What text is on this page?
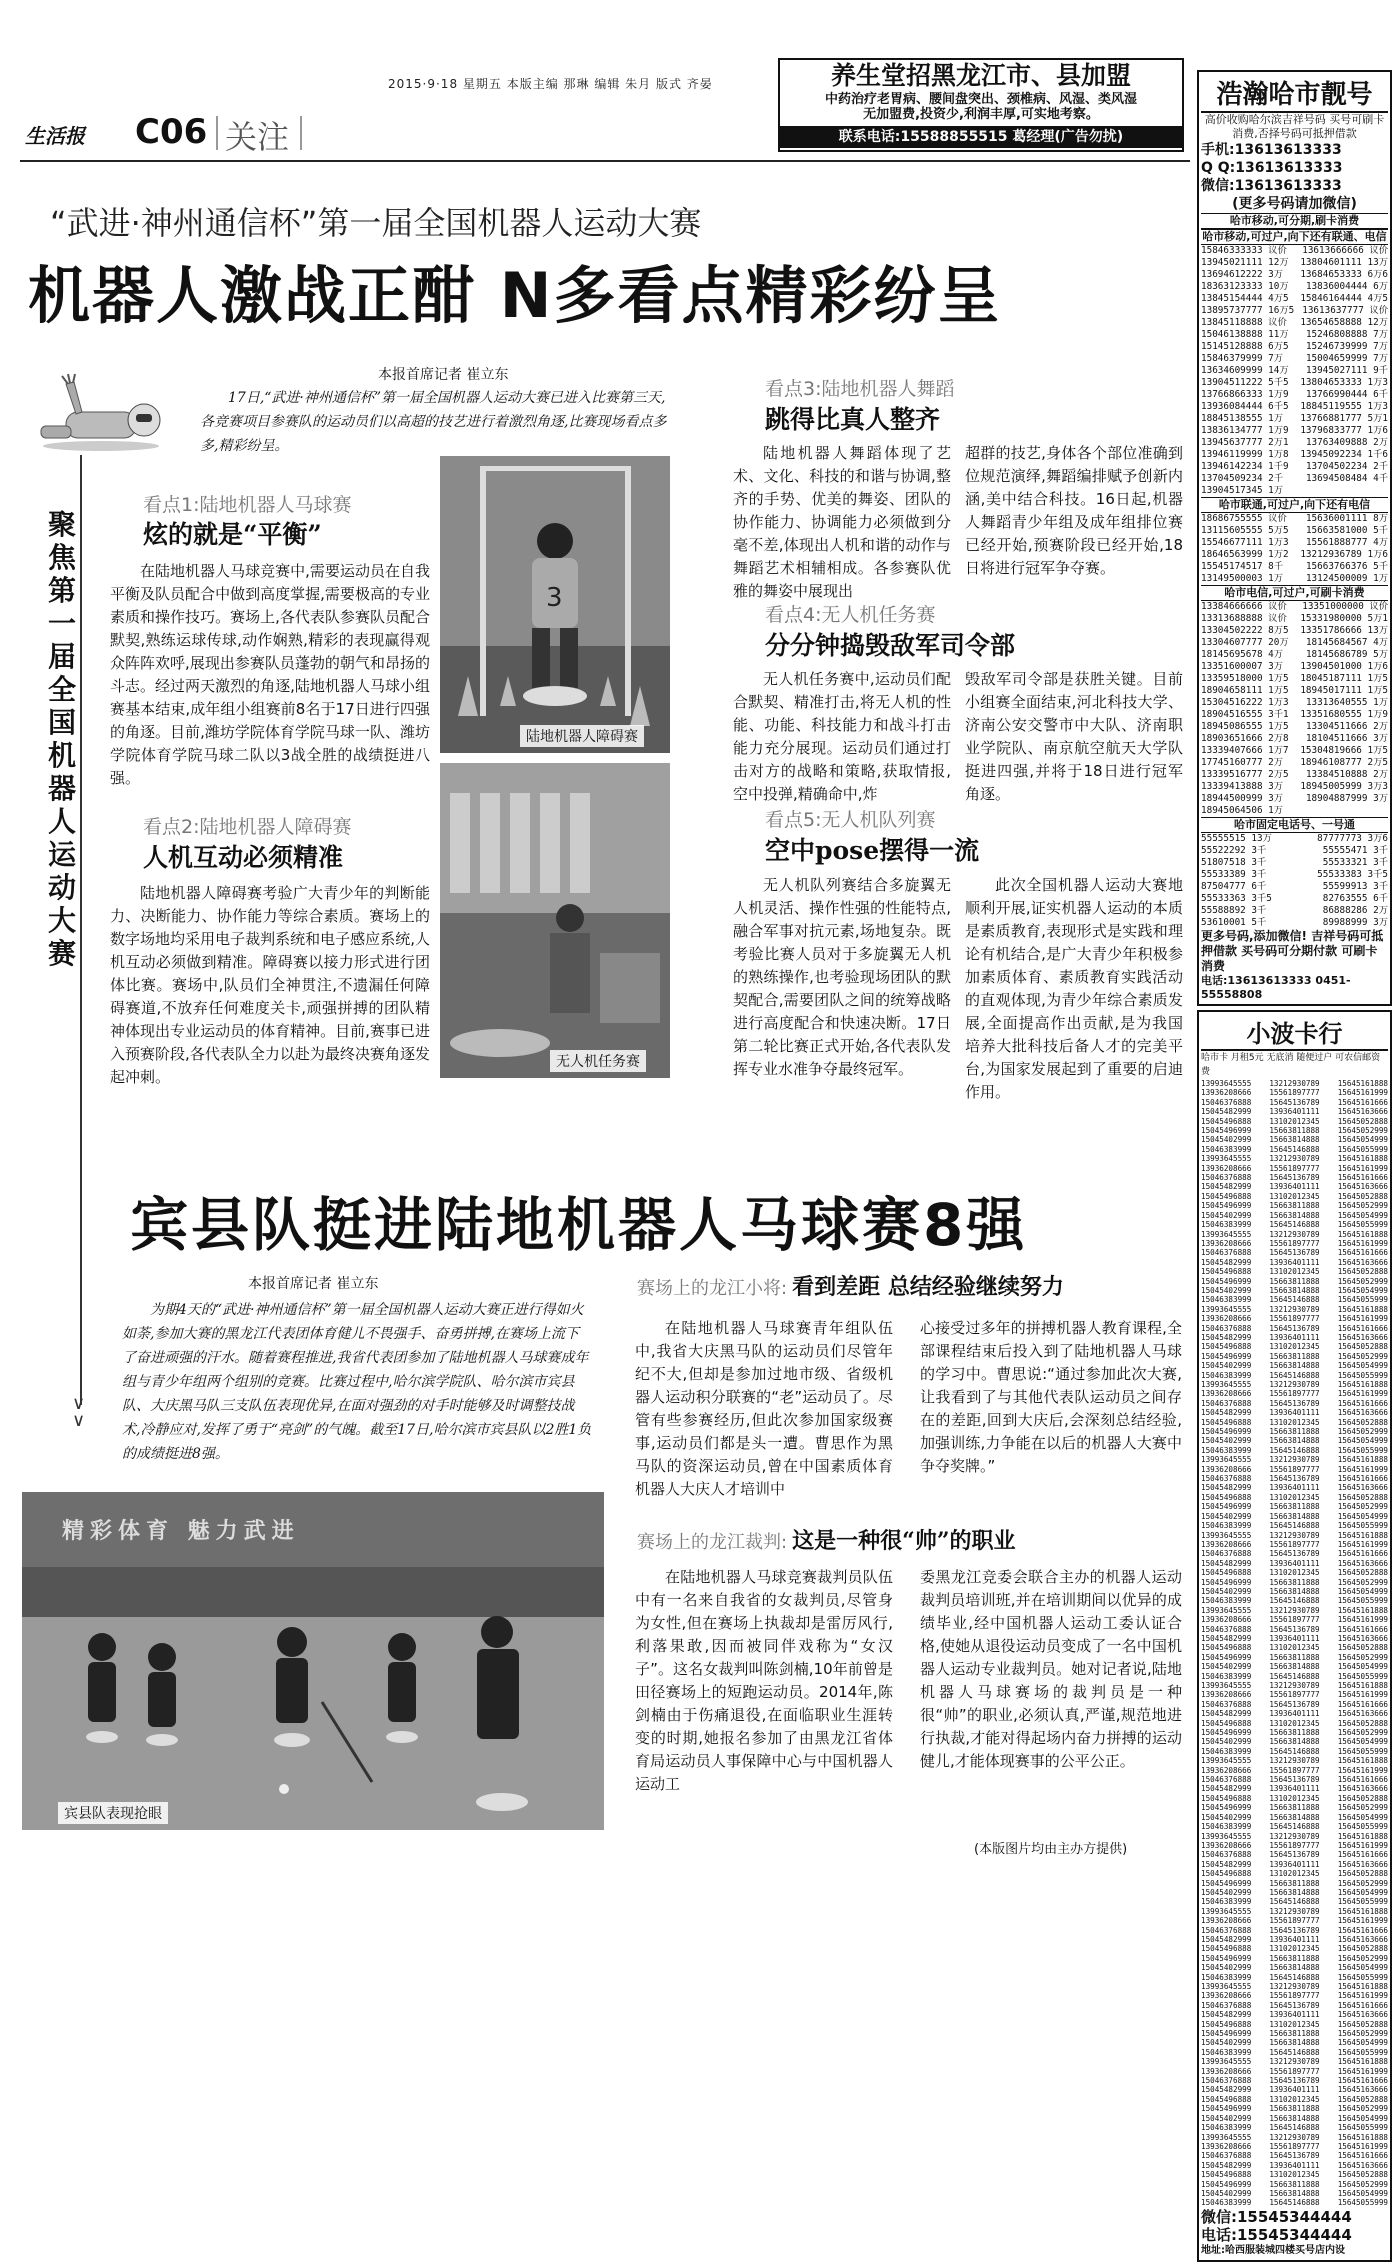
2015·9·18 星期五 本版主编 那琳 编辑 朱月 版式 齐晏
生活报 C06 关注
养生堂招黑龙江市、县加盟
中药治疗老胃病、腰间盘突出、颈椎病、风湿、类风湿
无加盟费,投资少,利润丰厚,可实地考察。
联系电话:15588855515 葛经理(广告勿扰)
“武进·神州通信杯”第一届全国机器人运动大赛
机器人激战正酣 N多看点精彩纷呈
聚焦第一届全国机器人运动大赛
∨
∨
本报首席记者 崔立东
17日,“武进·神州通信杯”第一届全国机器人运动大赛已进入比赛第三天,各竞赛项目参赛队的运动员们以高超的技艺进行着激烈角逐,比赛现场看点多多,精彩纷呈。
看点1:陆地机器人马球赛
炫的就是“平衡”
在陆地机器人马球竞赛中,需要运动员在自我平衡及队员配合中做到高度掌握,需要极高的专业素质和操作技巧。赛场上,各代表队参赛队员配合默契,熟练运球传球,动作娴熟,精彩的表现赢得观众阵阵欢呼,展现出参赛队员蓬勃的朝气和昂扬的斗志。经过两天激烈的角逐,陆地机器人马球小组赛基本结束,成年组小组赛前8名于17日进行四强的角逐。目前,潍坊学院体育学院马球一队、潍坊学院体育学院马球二队以3战全胜的战绩挺进八强。
看点2:陆地机器人障碍赛
人机互动必须精准
陆地机器人障碍赛考验广大青少年的判断能力、决断能力、协作能力等综合素质。赛场上的数字场地均采用电子裁判系统和电子感应系统,人机互动必须做到精准。障碍赛以接力形式进行团体比赛。赛场中,队员们全神贯注,不遗漏任何障碍赛道,不放弃任何难度关卡,顽强拼搏的团队精神体现出专业运动员的体育精神。目前,赛事已进入预赛阶段,各代表队全力以赴为最终决赛角逐发起冲刺。
3
陆地机器人障碍赛
无人机任务赛
看点3:陆地机器人舞蹈
跳得比真人整齐
陆地机器人舞蹈体现了艺术、文化、科技的和谐与协调,整齐的手势、优美的舞姿、团队的协作能力、协调能力必须做到分毫不差,体现出人机和谐的动作与舞蹈艺术相辅相成。各参赛队优雅的舞姿中展现出
超群的技艺,身体各个部位准确到位规范演绎,舞蹈编排赋予创新内涵,美中结合科技。16日起,机器人舞蹈青少年组及成年组排位赛已经开始,预赛阶段已经开始,18日将进行冠军争夺赛。
看点4:无人机任务赛
分分钟捣毁敌军司令部
无人机任务赛中,运动员们配合默契、精准打击,将无人机的性能、功能、科技能力和战斗打击能力充分展现。运动员们通过打击对方的战略和策略,获取情报,空中投弹,精确命中,炸
毁敌军司令部是获胜关键。目前小组赛全面结束,河北科技大学、济南公安交警市中大队、济南职业学院队、南京航空航天大学队挺进四强,并将于18日进行冠军角逐。
看点5:无人机队列赛
空中pose摆得一流
无人机队列赛结合多旋翼无人机灵活、操作性强的性能特点,融合军事对抗元素,场地复杂。既考验比赛人员对于多旋翼无人机的熟练操作,也考验现场团队的默契配合,需要团队之间的统筹战略进行高度配合和快速决断。17日第二轮比赛正式开始,各代表队发挥专业水准争夺最终冠军。
此次全国机器人运动大赛地顺利开展,证实机器人运动的本质是素质教育,表现形式是实践和理论有机结合,是广大青少年积极参加素质体育、素质教育实践活动的直观体现,为青少年综合素质发展,全面提高作出贡献,是为我国培养大批科技后备人才的完美平台,为国家发展起到了重要的启迪作用。
宾县队挺进陆地机器人马球赛8强
本报首席记者 崔立东
为期4天的“武进·神州通信杯”第一届全国机器人运动大赛正进行得如火如荼,参加大赛的黑龙江代表团体育健儿不畏强手、奋勇拼搏,在赛场上流下了奋进顽强的汗水。随着赛程推进,我省代表团参加了陆地机器人马球赛成年组与青少年组两个组别的竞赛。比赛过程中,哈尔滨学院队、哈尔滨市宾县队、大庆黑马队三支队伍表现优异,在面对强劲的对手时能够及时调整技战术,冷静应对,发挥了勇于“亮剑”的气魄。截至17日,哈尔滨市宾县队以2胜1负的成绩挺进8强。
精彩体育 魅力武进
宾县队表现抢眼
赛场上的龙江小将: 看到差距 总结经验继续努力
在陆地机器人马球赛青年组队伍中,我省大庆黑马队的运动员们尽管年纪不大,但却是参加过地市级、省级机器人运动积分联赛的“老”运动员了。尽管有些参赛经历,但此次参加国家级赛事,运动员们都是头一遭。曹思作为黑马队的资深运动员,曾在中国素质体育机器人大庆人才培训中
心接受过多年的拼搏机器人教育课程,全部课程结束后投入到了陆地机器人马球的学习中。曹思说:“通过参加此次大赛,让我看到了与其他代表队运动员之间存在的差距,回到大庆后,会深刻总结经验,加强训练,力争能在以后的机器人大赛中争夺奖牌。”
赛场上的龙江裁判: 这是一种很“帅”的职业
在陆地机器人马球竞赛裁判员队伍中有一名来自我省的女裁判员,尽管身为女性,但在赛场上执裁却是雷厉风行,利落果敢,因而被同伴戏称为“女汉子”。这名女裁判叫陈剑楠,10年前曾是田径赛场上的短跑运动员。2014年,陈剑楠由于伤痛退役,在面临职业生涯转变的时期,她报名参加了由黑龙江省体育局运动员人事保障中心与中国机器人运动工
委黑龙江竞委会联合主办的机器人运动裁判员培训班,并在培训期间以优异的成绩毕业,经中国机器人运动工委认证合格,使她从退役运动员变成了一名中国机器人运动专业裁判员。她对记者说,陆地机器人马球赛场的裁判员是一种很“帅”的职业,必须认真,严谨,规范地进行执裁,才能对得起场内奋力拼搏的运动健儿,才能体现赛事的公平公正。
(本版图片均由主办方提供)
浩瀚哈市靓号
高价收购哈尔滨吉祥号码 买号可刷卡消费,否择号码可抵押借款
手机:13613613333
Q Q:13613613333
微信:13613613333
(更多号码请加微信)
哈市移动,可分期,刷卡消费
哈市移动,可过户,向下还有联通、电信
15846333333 议价 13613666666 议价
13945021111 12万 13804601111 13万
13694612222 3万 13684653333 6万6
18363123333 10万 13836004444 6万
13845154444 4万5 15846164444 4万5
13895737777 16万5 13613637777 议价
13845118888 议价 13654658888 12万
15046138888 11万 15246808888 7万
15145128888 6万5 15246739999 7万
15846379999 7万 15004659999 7万
13634609999 14万 13945027111 9千
13904511222 5千5 13804653333 1万3
13766866333 1万9 13766990444 6千
13936084444 6千5 18845119555 1万3
18845138555 1万 13766881777 5万1
13836134777 1万9 13796833777 1万6
13945637777 2万1 13763409888 2万
13946119999 1万8 13945092234 1千6
13946142234 1千9 13704502234 2千
13704509234 2千 13694508484 4千
13904517345 1万
哈市联通,可过户,向下还有电信
18686755555 议价 15636001111 8万
13115605555 5万5 15663581000 5千
15546677111 1万3 15561888777 4万
18646563999 1万2 13212936789 1万6
15545174517 8千 15663766376 5千
13149500003 1万 13124500009 1万
哈市电信,可过户,可刷卡消费
13384666666 议价 13351000000 议价
13313688888 议价 15331980000 5万1
13304502222 8万5 13351786666 13万
13304607777 20万 18145684567 4万
18145695678 4万 18145686789 5万
13351600007 3万 13904501000 1万6
13359518000 1万5 18045187111 1万5
18904658111 1万5 18945017111 1万5
15304516222 1万3 13313640555 1万
18904516555 3千1 13351680555 1万9
18945086555 1万5 13304511666 2万
18903651666 2万8 18104511666 3万
13339407666 1万7 15304819666 1万5
17745160777 2万 18946108777 2万5
13339516777 2万5 13384510888 2万
13339413888 3万 18945005999 3万3
18944500999 3万 18904887999 3万
18945064506 1万
哈市固定电话号、一号通
55555515 13万	87777773 3万6
55522292 3千	55555471 3千
51807518 3千	55533321 3千
55533389 3千	55533383 3千5
87504777 6千	55599913 3千
55533363 3千5	82763555 6千
55588892 3千	86888286 2万
53610001 5千	89988999 3万
更多号码,添加微信! 吉祥号码可抵押借款 买号码可分期付款 可刷卡消费
电话:13613613333 0451-55558808
小波卡行
哈市卡 月租5元 无底消 随便过户 可农信邮资费
13993645555 13212930789 15645161888
13936208666 15561897777 15645161999
15046376888 15645136789 15645161666
15045482999 13936401111 15645163666
15045496888 13102012345 15645052888
15045496999 15663811888 15645052999
15045402999 15663814888 15645054999
15046383999 15645146888 15645055999
13993645555 13212930789 15645161888
13936208666 15561897777 15645161999
15046376888 15645136789 15645161666
15045482999 13936401111 15645163666
15045496888 13102012345 15645052888
15045496999 15663811888 15645052999
15045402999 15663814888 15645054999
15046383999 15645146888 15645055999
13993645555 13212930789 15645161888
13936208666 15561897777 15645161999
15046376888 15645136789 15645161666
15045482999 13936401111 15645163666
15045496888 13102012345 15645052888
15045496999 15663811888 15645052999
15045402999 15663814888 15645054999
15046383999 15645146888 15645055999
13993645555 13212930789 15645161888
13936208666 15561897777 15645161999
15046376888 15645136789 15645161666
15045482999 13936401111 15645163666
15045496888 13102012345 15645052888
15045496999 15663811888 15645052999
15045402999 15663814888 15645054999
15046383999 15645146888 15645055999
13993645555 13212930789 15645161888
13936208666 15561897777 15645161999
15046376888 15645136789 15645161666
15045482999 13936401111 15645163666
15045496888 13102012345 15645052888
15045496999 15663811888 15645052999
15045402999 15663814888 15645054999
15046383999 15645146888 15645055999
13993645555 13212930789 15645161888
13936208666 15561897777 15645161999
15046376888 15645136789 15645161666
15045482999 13936401111 15645163666
15045496888 13102012345 15645052888
15045496999 15663811888 15645052999
15045402999 15663814888 15645054999
15046383999 15645146888 15645055999
13993645555 13212930789 15645161888
13936208666 15561897777 15645161999
15046376888 15645136789 15645161666
15045482999 13936401111 15645163666
15045496888 13102012345 15645052888
15045496999 15663811888 15645052999
15045402999 15663814888 15645054999
15046383999 15645146888 15645055999
13993645555 13212930789 15645161888
13936208666 15561897777 15645161999
15046376888 15645136789 15645161666
15045482999 13936401111 15645163666
15045496888 13102012345 15645052888
15045496999 15663811888 15645052999
15045402999 15663814888 15645054999
15046383999 15645146888 15645055999
13993645555 13212930789 15645161888
13936208666 15561897777 15645161999
15046376888 15645136789 15645161666
15045482999 13936401111 15645163666
15045496888 13102012345 15645052888
15045496999 15663811888 15645052999
15045402999 15663814888 15645054999
15046383999 15645146888 15645055999
13993645555 13212930789 15645161888
13936208666 15561897777 15645161999
15046376888 15645136789 15645161666
15045482999 13936401111 15645163666
15045496888 13102012345 15645052888
15045496999 15663811888 15645052999
15045402999 15663814888 15645054999
15046383999 15645146888 15645055999
13993645555 13212930789 15645161888
13936208666 15561897777 15645161999
15046376888 15645136789 15645161666
15045482999 13936401111 15645163666
15045496888 13102012345 15645052888
15045496999 15663811888 15645052999
15045402999 15663814888 15645054999
15046383999 15645146888 15645055999
13993645555 13212930789 15645161888
13936208666 15561897777 15645161999
15046376888 15645136789 15645161666
15045482999 13936401111 15645163666
15045496888 13102012345 15645052888
15045496999 15663811888 15645052999
15045402999 15663814888 15645054999
15046383999 15645146888 15645055999
13993645555 13212930789 15645161888
13936208666 15561897777 15645161999
15046376888 15645136789 15645161666
15045482999 13936401111 15645163666
15045496888 13102012345 15645052888
15045496999 15663811888 15645052999
15045402999 15663814888 15645054999
15046383999 15645146888 15645055999
13993645555 13212930789 15645161888
13936208666 15561897777 15645161999
15046376888 15645136789 15645161666
15045482999 13936401111 15645163666
15045496888 13102012345 15645052888
15045496999 15663811888 15645052999
15045402999 15663814888 15645054999
15046383999 15645146888 15645055999
13993645555 13212930789 15645161888
13936208666 15561897777 15645161999
15046376888 15645136789 15645161666
15045482999 13936401111 15645163666
15045496888 13102012345 15645052888
15045496999 15663811888 15645052999
15045402999 15663814888 15645054999
15046383999 15645146888 15645055999
微信:15545344444
电话:15545344444
地址:哈西服装城四楼买号店内设
